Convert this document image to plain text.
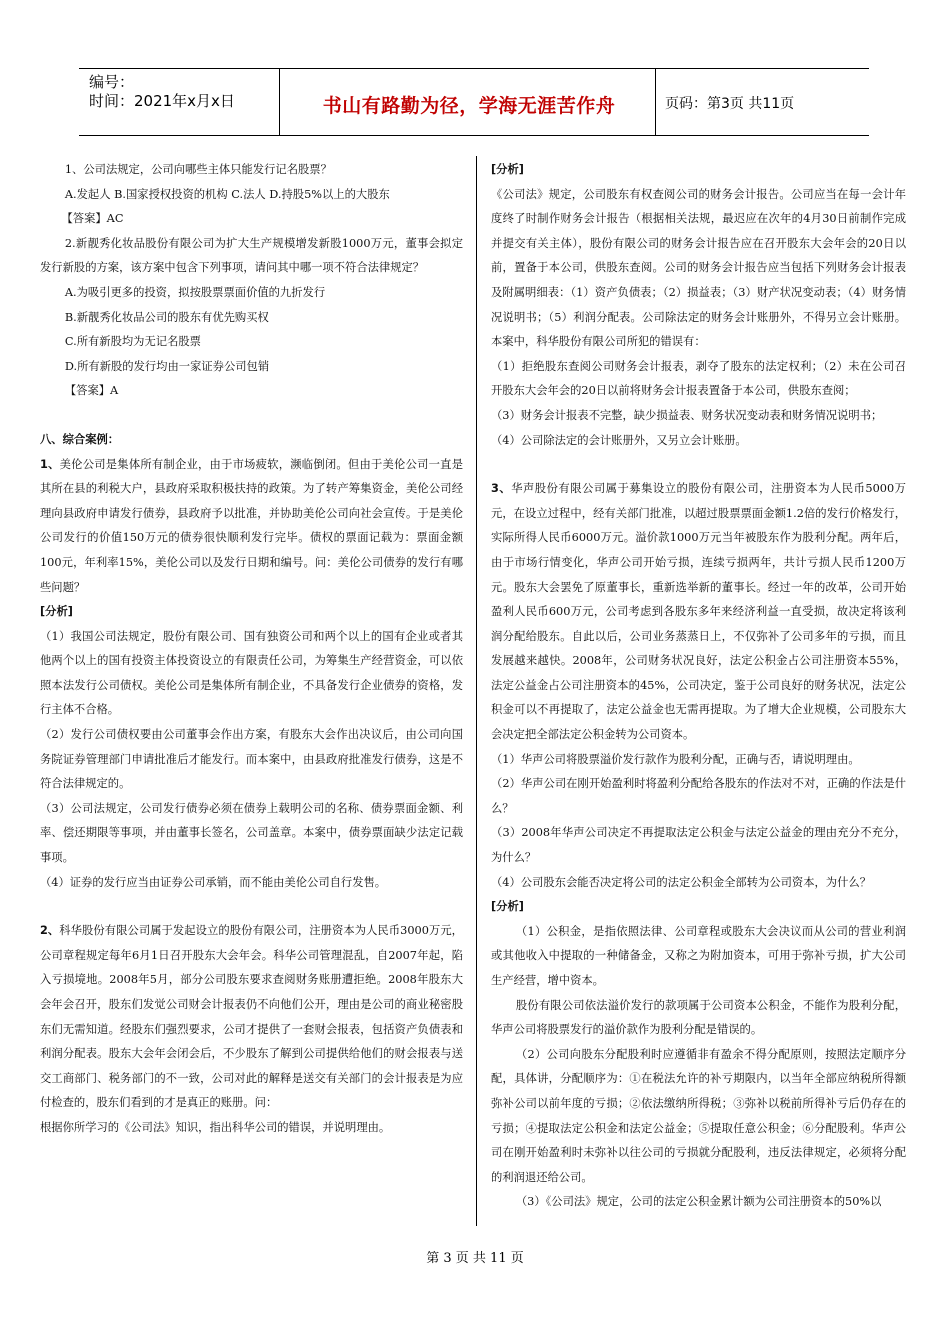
编号：
时间：2021年x月x日	书山有路勤为径，学海无涯苦作舟	页码：第3页 共11页

1、公司法规定，公司向哪些主体只能发行记名股票？

A.发起人 B.国家授权投资的机构 C.法人 D.持股5%以上的大股东

【答案】AC

2.新靓秀化妆品股份有限公司为扩大生产规模增发新股1000万元，董事会拟定发行新股的方案，该方案中包含下列事项，请问其中哪一项不符合法律规定？

A.为吸引更多的投资，拟按股票票面价值的九折发行

B.新靓秀化妆品公司的股东有优先购买权

C.所有新股均为无记名股票

D.所有新股的发行均由一家证券公司包销

【答案】A

八、综合案例：

1、美伦公司是集体所有制企业，由于市场疲软，濒临倒闭。但由于美伦公司一直是其所在县的利税大户，县政府采取积极扶持的政策。为了转产筹集资金，美伦公司经理向县政府申请发行债券，县政府予以批准，并协助美伦公司向社会宣传。于是美伦公司发行的价值150万元的债券很快顺利发行完毕。债权的票面记载为：票面金额100元，年利率15%，美伦公司以及发行日期和编号。问：美伦公司债券的发行有哪些问题？

[分析]

（1）我国公司法规定，股份有限公司、国有独资公司和两个以上的国有企业或者其他两个以上的国有投资主体投资设立的有限责任公司，为筹集生产经营资金，可以依照本法发行公司债权。美伦公司是集体所有制企业，不具备发行企业债券的资格，发行主体不合格。

（2）发行公司债权要由公司董事会作出方案，有股东大会作出决议后，由公司向国务院证券管理部门申请批准后才能发行。而本案中，由县政府批准发行债券，这是不符合法律规定的。

（3）公司法规定，公司发行债券必须在债券上载明公司的名称、债券票面金额、利率、偿还期限等事项，并由董事长签名，公司盖章。本案中，债券票面缺少法定记载事项。

（4）证券的发行应当由证券公司承销，而不能由美伦公司自行发售。

2、科华股份有限公司属于发起设立的股份有限公司，注册资本为人民币3000万元，公司章程规定每年6月1日召开股东大会年会。科华公司管理混乱，自2007年起，陷入亏损境地。2008年5月，部分公司股东要求查阅财务账册遭拒绝。2008年股东大会年会召开，股东们发觉公司财会计报表仍不向他们公开，理由是公司的商业秘密股东们无需知道。经股东们强烈要求，公司才提供了一套财会报表，包括资产负债表和利润分配表。股东大会年会闭会后，不少股东了解到公司提供给他们的财会报表与送交工商部门、税务部门的不一致，公司对此的解释是送交有关部门的会计报表是为应付检查的，股东们看到的才是真正的账册。问：

根据你所学习的《公司法》知识，指出科华公司的错误，并说明理由。

[分析]

《公司法》规定，公司股东有权查阅公司的财务会计报告。公司应当在每一会计年度终了时制作财务会计报告（根据相关法规，最迟应在次年的4月30日前制作完成并提交有关主体），股份有限公司的财务会计报告应在召开股东大会年会的20日以前，置备于本公司，供股东查阅。公司的财务会计报告应当包括下列财务会计报表及附属明细表：（1）资产负债表；（2）损益表；（3）财产状况变动表；（4）财务情况说明书；（5）利润分配表。公司除法定的财务会计账册外，不得另立会计账册。本案中，科华股份有限公司所犯的错误有：

（1）拒绝股东查阅公司财务会计报表，剥夺了股东的法定权利；（2）未在公司召开股东大会年会的20日以前将财务会计报表置备于本公司，供股东查阅；

（3）财务会计报表不完整，缺少损益表、财务状况变动表和财务情况说明书；

（4）公司除法定的会计账册外，又另立会计账册。

3、华声股份有限公司属于募集设立的股份有限公司，注册资本为人民币5000万元，在设立过程中，经有关部门批准，以超过股票票面金额1.2倍的发行价格发行，实际所得人民币6000万元。溢价款1000万元当年被股东作为股利分配。两年后，由于市场行情变化，华声公司开始亏损，连续亏损两年，共计亏损人民币1200万元。股东大会罢免了原董事长，重新选举新的董事长。经过一年的改革，公司开始盈利人民币600万元，公司考虑到各股东多年来经济利益一直受损，故决定将该利润分配给股东。自此以后，公司业务蒸蒸日上，不仅弥补了公司多年的亏损，而且发展越来越快。2008年，公司财务状况良好，法定公积金占公司注册资本55%，法定公益金占公司注册资本的45%，公司决定，鉴于公司良好的财务状况，法定公积金可以不再提取了，法定公益金也无需再提取。为了增大企业规模，公司股东大会决定把全部法定公积金转为公司资本。

（1）华声公司将股票溢价发行款作为股利分配，正确与否，请说明理由。

（2）华声公司在刚开始盈利时将盈利分配给各股东的作法对不对，正确的作法是什么？

（3）2008年华声公司决定不再提取法定公积金与法定公益金的理由充分不充分，为什么？

（4）公司股东会能否决定将公司的法定公积金全部转为公司资本，为什么？

[分析]

（1）公积金，是指依照法律、公司章程或股东大会决议而从公司的营业利润或其他收入中提取的一种储备金，又称之为附加资本，可用于弥补亏损，扩大公司生产经营，增中资本。

股份有限公司依法溢价发行的款项属于公司资本公积金，不能作为股利分配，华声公司将股票发行的溢价款作为股利分配是错误的。

（2）公司向股东分配股利时应遵循非有盈余不得分配原则，按照法定顺序分配，具体讲，分配顺序为：①在税法允许的补亏期限内，以当年全部应纳税所得额弥补公司以前年度的亏损；②依法缴纳所得税；③弥补以税前所得补亏后仍存在的亏损；④提取法定公积金和法定公益金；⑤提取任意公积金；⑥分配股利。华声公司在刚开始盈利时未弥补以往公司的亏损就分配股利，违反法律规定，必须将分配的利润退还给公司。

（3）《公司法》规定，公司的法定公积金累计额为公司注册资本的50%以

第 3 页 共 11 页
